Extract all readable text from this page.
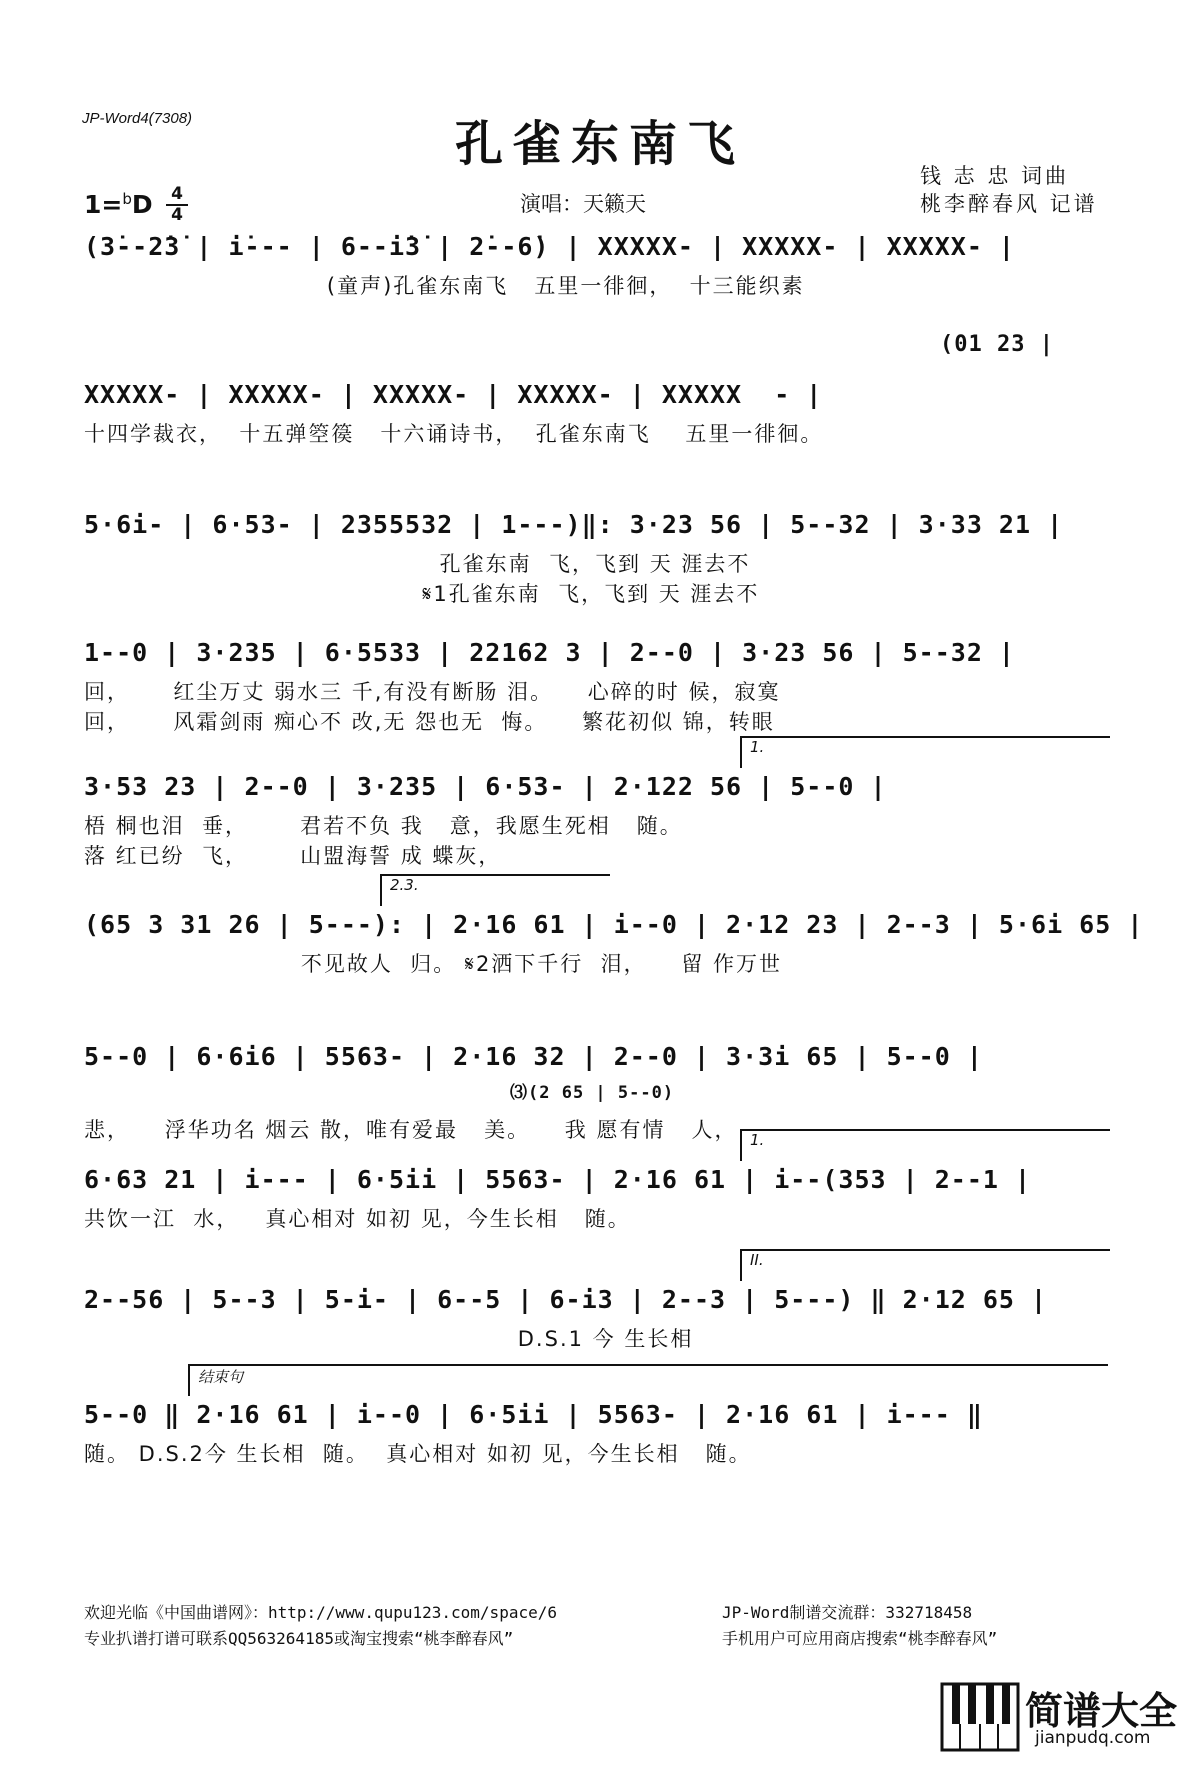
JP-Word4(7308)	孔雀东南飞
1=$^b$D 4
4	演唱：天籁天
钱 志 忠 词曲
桃李醉春风 记谱
(3̇--2̇3̇ | i̇--- | 6--i̇3̇ | 2̇--6̇) | XXXXX- | XXXXX- | XXXXX- |
(童声)孔雀东南飞   五里一徘徊，  十三能织素
(01 23 |
XXXXX- | XXXXX- | XXXXX- | XXXXX- | XXXXX  - |
十四学裁衣，  十五弹箜篌   十六诵诗书，  孔雀东南飞    五里一徘徊。
5·6i- | 6·53- | 2355532 | 1---)‖: 3·23 56 | 5--32 | 3·33 21 |
孔雀东南  飞，飞到 天 涯去不
𝄋1孔雀东南  飞，飞到 天 涯去不
1--0 | 3·235 | 6·5533 | 22162 3 | 2--0 | 3·23 56 | 5--32 |
回，     红尘万丈 弱水三 千,有没有断肠 泪。    心碎的时 候，寂寞
回，     风霜剑雨 痴心不 改,无 怨也无  悔。    繁花初似 锦，转眼
1.
3·53 23 | 2--0 | 3·235 | 6·53- | 2·122 56 | 5--0 |
梧 桐也泪  垂，      君若不负 我   意，我愿生死相   随。
落 红已纷  飞，      山盟海誓 成 蝶灰，
2.3.
(65 3 31 26 | 5---): | 2·16 61 | i--0 | 2·12 23 | 2--3 | 5·6i 65 |
不见故人  归。 𝄋2洒下千行  泪，    留 作万世
5--0 | 6·6i6 | 5563- | 2·16 32 | 2--0 | 3·3i 65 | 5--0 |
⑶(2 65 | 5--0)
悲，    浮华功名 烟云 散，唯有爱最   美。    我 愿有情   人， 1.
6·63 21 | i--- | 6·5ii | 5563- | 2·16 61 | i--(353 | 2--1 |
共饮一江  水，   真心相对 如初 见，今生长相   随。
II.
2--56 | 5--3 | 5-i- | 6--5 | 6-i3 | 2--3 | 5---) ‖ 2·12 65 |
D.S.1 今 生长相
结束句
5--0 ‖ 2·16 61 | i--0 | 6·5ii | 5563- | 2·16 61 | i--- ‖
随。 D.S.2今 生长相  随。  真心相对 如初 见，今生长相   随。
欢迎光临《中国曲谱网》：http://www.qupu123.com/space/6
专业扒谱打谱可联系QQ563264185或淘宝搜索“桃李醉春风”
JP-Word制谱交流群：332718458
手机用户可应用商店搜索“桃李醉春风”
简谱大全
jianpudq.com
